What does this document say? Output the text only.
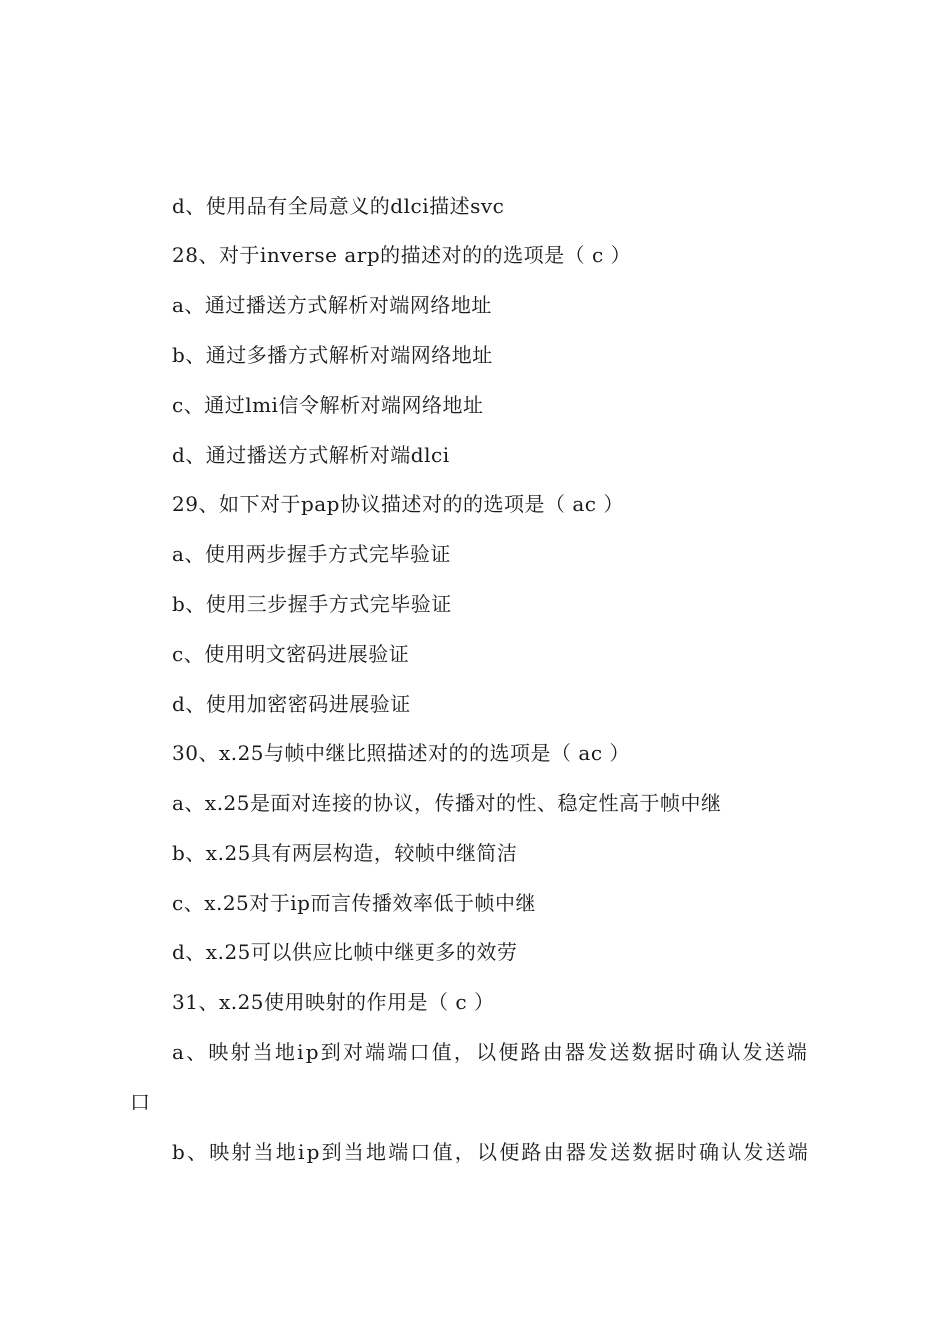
d、使用品有全局意义的dlci描述svc
28、对于inverse arp的描述对的的选项是（ c ）
a、通过播送方式解析对端网络地址
b、通过多播方式解析对端网络地址
c、通过lmi信令解析对端网络地址
d、通过播送方式解析对端dlci
29、如下对于pap协议描述对的的选项是（ ac ）
a、使用两步握手方式完毕验证
b、使用三步握手方式完毕验证
c、使用明文密码进展验证
d、使用加密密码进展验证
30、x.25与帧中继比照描述对的的选项是（ ac ）
a、x.25是面对连接的协议，传播对的性、稳定性高于帧中继
b、x.25具有两层构造，较帧中继简洁
c、x.25对于ip而言传播效率低于帧中继
d、x.25可以供应比帧中继更多的效劳
31、x.25使用映射的作用是（ c ）
a、映射当地ip到对端端口值，以便路由器发送数据时确认发送端
口
b、映射当地ip到当地端口值，以便路由器发送数据时确认发送端
